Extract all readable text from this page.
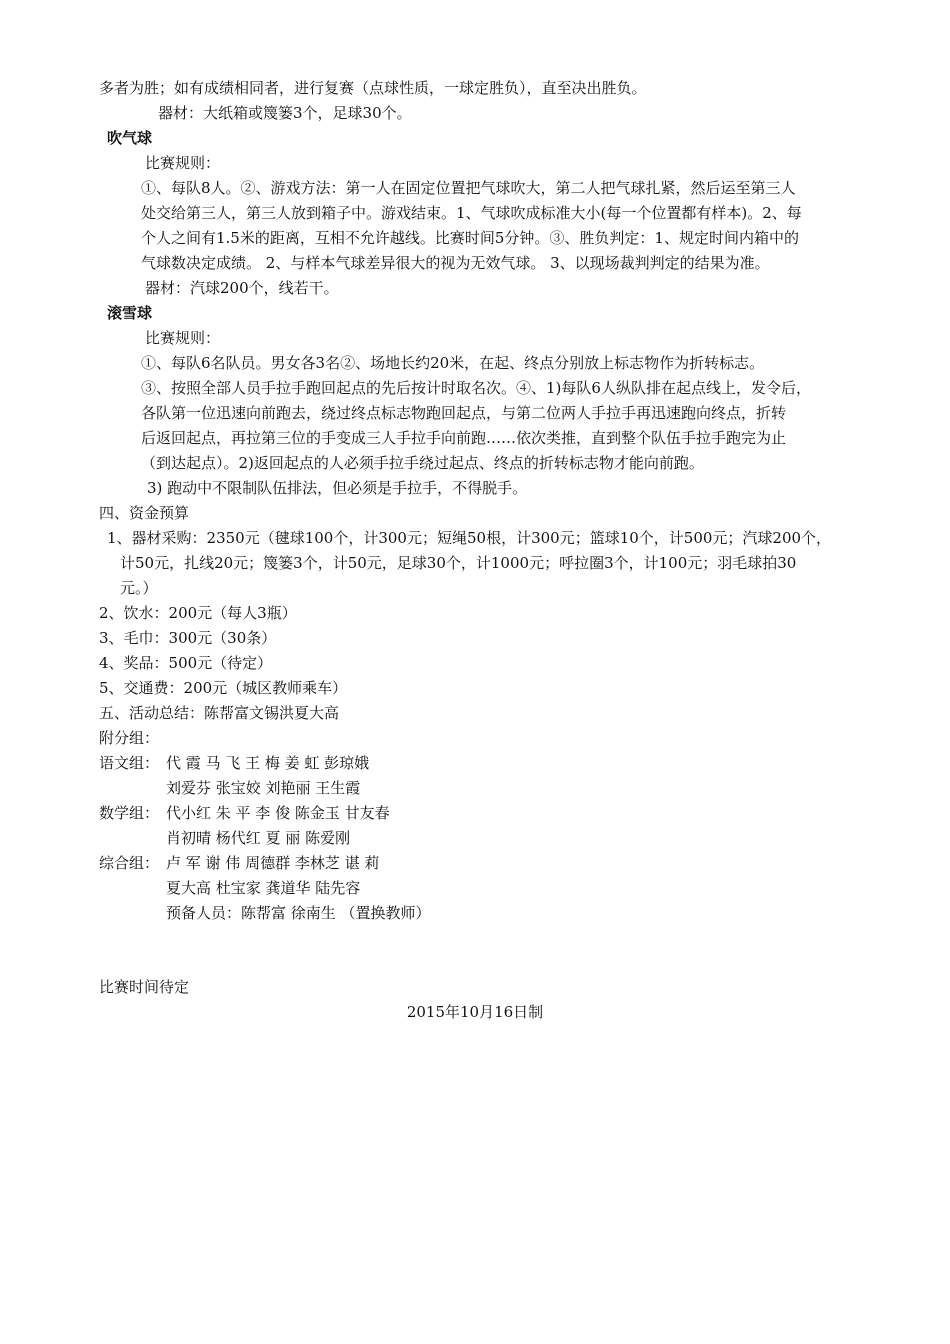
多者为胜；如有成绩相同者，进行复赛（点球性质，一球定胜负），直至决出胜负。

器材：大纸箱或篾篓3个，足球30个。

吹气球

比赛规则：

①、每队8人。②、游戏方法：第一人在固定位置把气球吹大，第二人把气球扎紧，然后运至第三人

处交给第三人，第三人放到箱子中。游戏结束。1、气球吹成标准大小(每一个位置都有样本)。2、每

个人之间有1.5米的距离，互相不允许越线。比赛时间5分钟。③、胜负判定：1、规定时间内箱中的

气球数决定成绩。 2、与样本气球差异很大的视为无效气球。 3、以现场裁判判定的结果为准。

器材：汽球200个，线若干。

滚雪球

比赛规则：

①、每队6名队员。男女各3名②、场地长约20米，在起、终点分别放上标志物作为折转标志。

③、按照全部人员手拉手跑回起点的先后按计时取名次。④、1)每队6人纵队排在起点线上，发令后，

各队第一位迅速向前跑去，绕过终点标志物跑回起点，与第二位两人手拉手再迅速跑向终点，折转

后返回起点，再拉第三位的手变成三人手拉手向前跑……依次类推，直到整个队伍手拉手跑完为止

（到达起点）。2)返回起点的人必须手拉手绕过起点、终点的折转标志物才能向前跑。

3) 跑动中不限制队伍排法，但必须是手拉手，不得脱手。

四、资金预算

1、器材采购：2350元（毽球100个，计300元；短绳50根，计300元；篮球10个，计500元；汽球200个，

计50元，扎线20元；篾篓3个，计50元，足球30个，计1000元；呼拉圈3个，计100元；羽毛球拍30

元。）

2、饮水：200元（每人3瓶）

3、毛巾：300元（30条）

4、奖品：500元（待定）

5、交通费：200元（城区教师乘车）

五、活动总结：陈帮富文锡洪夏大高

附分组：

语文组： 代 霞 马 飞 王 梅 姜 虹 彭琼娥

刘爱芬 张宝姣 刘艳丽 王生霞

数学组： 代小红 朱 平 李 俊 陈金玉 甘友春

肖初晴 杨代红 夏 丽 陈爱刚

综合组： 卢 军 谢 伟 周德群 李林芝 谌 莉

夏大高 杜宝家 龚道华 陆先容

预备人员：陈帮富 徐南生 （置换教师）

比赛时间待定

2015年10月16日制
